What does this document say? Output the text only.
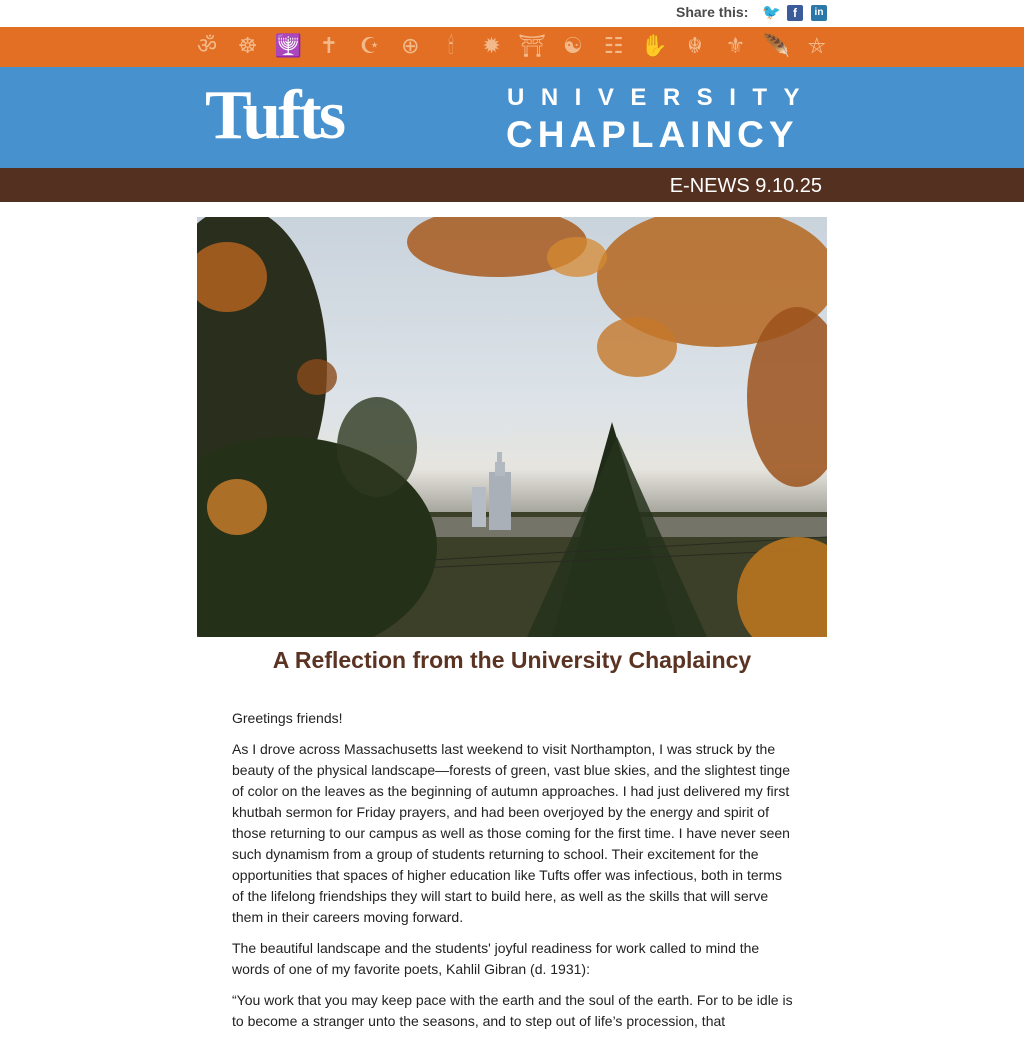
Share this: 🐦	f	in
ॐ ☸ 🕎 ✝ ☪ ⊕	🕯	✹ ⛩ ☯ ☷ ✋ ☬	⚜ 🪶 ⛤
Tufts	UNIVERSITY
CHAPLAINCY
E-NEWS 9.10.25
A Reflection from the University Chaplaincy

Greetings friends!

As I drove across Massachusetts last weekend to visit Northampton, I was struck by the beauty of the physical landscape—forests of green, vast blue skies, and the slightest tinge of color on the leaves as the beginning of autumn approaches. I had just delivered my first khutbah sermon for Friday prayers, and had been overjoyed by the energy and spirit of those returning to our campus as well as those coming for the first time. I have never seen such dynamism from a group of students returning to school. Their excitement for the opportunities that spaces of higher education like Tufts offer was infectious, both in terms of the lifelong friendships they will start to build here, as well as the skills that will serve them in their careers moving forward.

The beautiful landscape and the students' joyful readiness for work called to mind the words of one of my favorite poets, Kahlil Gibran (d. 1931):

“You work that you may keep pace with the earth and the soul of the earth. For to be idle is to become a stranger unto the seasons, and to step out of life’s procession, that
